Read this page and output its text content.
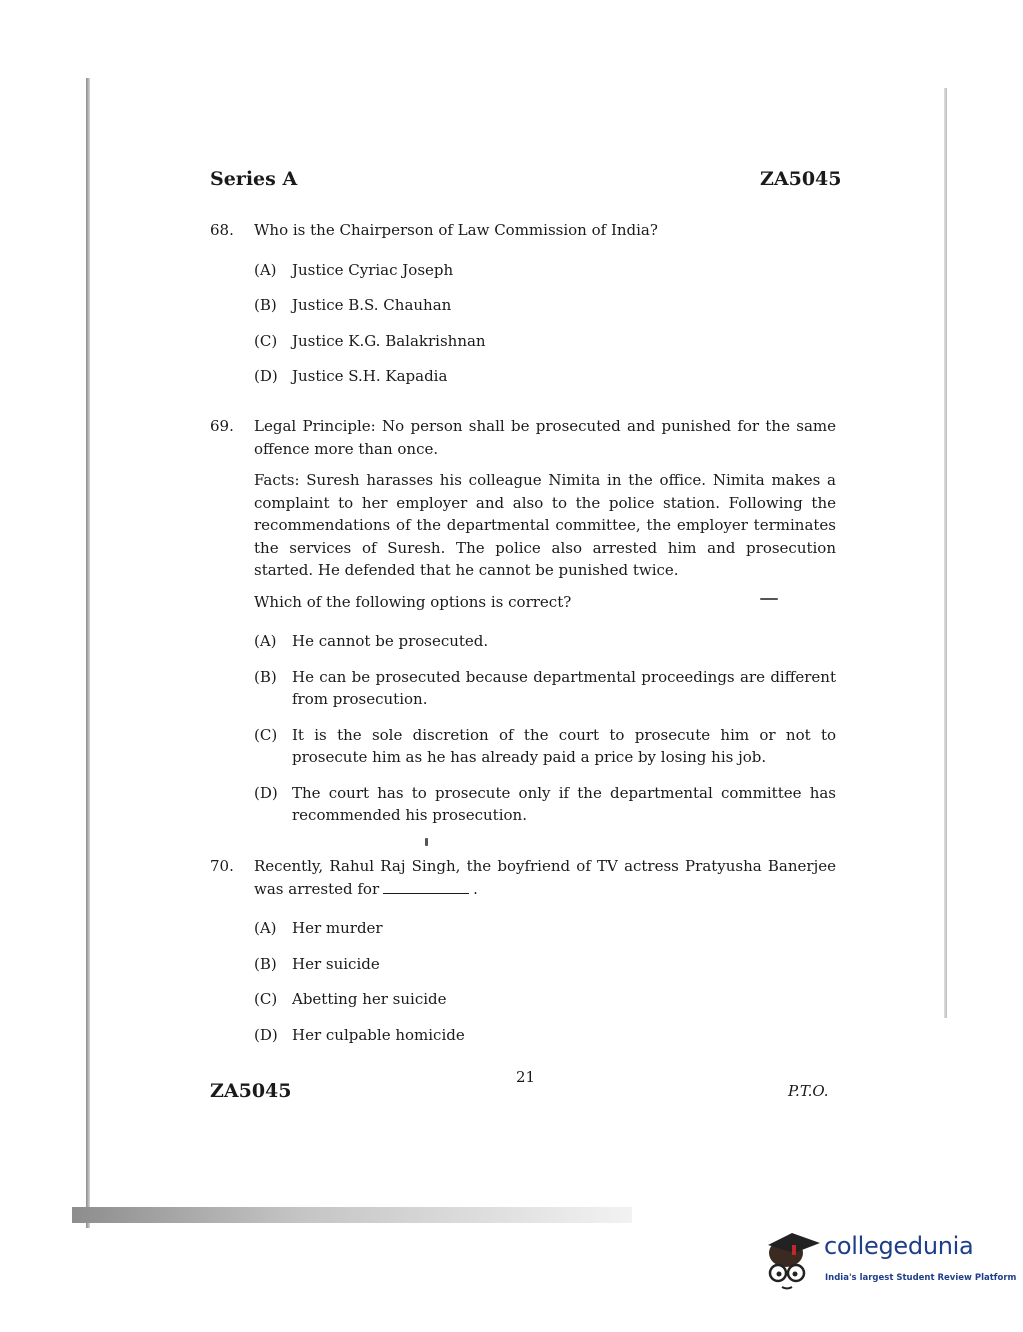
Series A	ZA5045
68. Who is the Chairperson of Law Commission of India?

(A) Justice Cyriac Joseph
(B) Justice B.S. Chauhan
(C) Justice K.G. Balakrishnan
(D) Justice S.H. Kapadia
69. Legal Principle: No person shall be prosecuted and punished for the same offence more than once.

Facts: Suresh harasses his colleague Nimita in the office. Nimita makes a complaint to her employer and also to the police station. Following the recommendations of the departmental committee, the employer terminates the services of Suresh. The police also arrested him and prosecution started. He defended that he cannot be punished twice.

Which of the following options is correct?

(A) He cannot be prosecuted.
(B) He can be prosecuted because departmental proceedings are different from prosecution.
(C) It is the sole discretion of the court to prosecute him or not to prosecute him as he has already paid a price by losing his job.
(D) The court has to prosecute only if the departmental committee has recommended his prosecution.
70. Recently, Rahul Raj Singh, the boyfriend of TV actress Pratyusha Banerjee was arrested for	.

(A) Her murder
(B) Her suicide
(C) Abetting her suicide
(D) Her culpable homicide
ZA5045
21
P.T.O.
collegedunia
India's largest Student Review Platform
